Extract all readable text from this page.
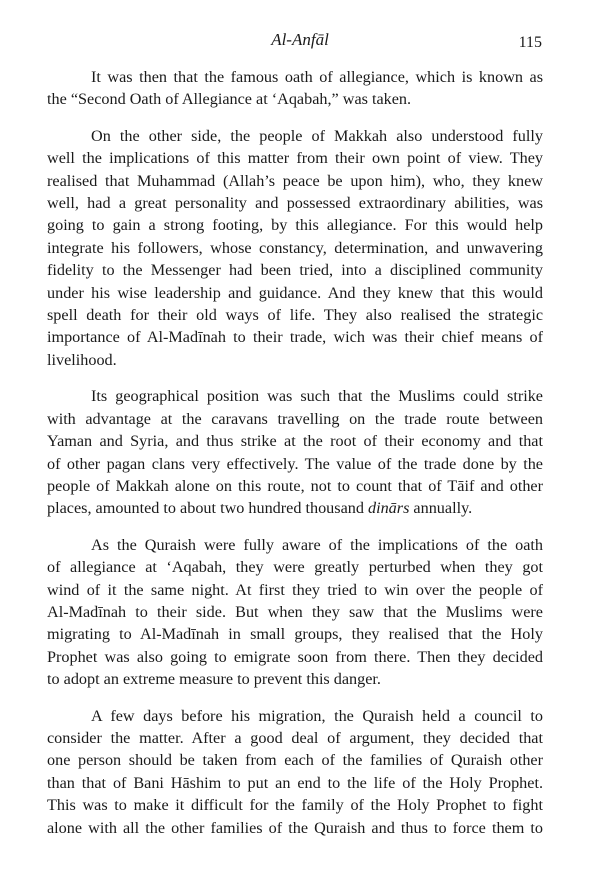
Al-Anfāl	115

It was then that the famous oath of allegiance, which is known as
the “Second Oath of Allegiance at ‘Aqabah,” was taken.

On the other side, the people of Makkah also understood fully
well the implications of this matter from their own point of view. They
realised that Muhammad (Allah’s peace be upon him), who, they knew
well, had a great personality and possessed extraordinary abilities, was
going to gain a strong footing, by this allegiance. For this would help
integrate his followers, whose constancy, determination, and unwavering
fidelity to the Messenger had been tried, into a disciplined community
under his wise leadership and guidance. And they knew that this would
spell death for their old ways of life. They also realised the strategic
importance of Al-Madīnah to their trade, wich was their chief means of
livelihood.

Its geographical position was such that the Muslims could strike
with advantage at the caravans travelling on the trade route between
Yaman and Syria, and thus strike at the root of their economy and that
of other pagan clans very effectively. The value of the trade done by the
people of Makkah alone on this route, not to count that of Tāif and other
places, amounted to about two hundred thousand dinārs annually.

As the Quraish were fully aware of the implications of the oath
of allegiance at ‘Aqabah, they were greatly perturbed when they got
wind of it the same night. At first they tried to win over the people of
Al-Madīnah to their side. But when they saw that the Muslims were
migrating to Al-Madīnah in small groups, they realised that the Holy
Prophet was also going to emigrate soon from there. Then they decided
to adopt an extreme measure to prevent this danger.

A few days before his migration, the Quraish held a council to
consider the matter. After a good deal of argument, they decided that
one person should be taken from each of the families of Quraish other
than that of Bani Hāshim to put an end to the life of the Holy Prophet.
This was to make it difficult for the family of the Holy Prophet to fight
alone with all the other families of the Quraish and thus to force them to
